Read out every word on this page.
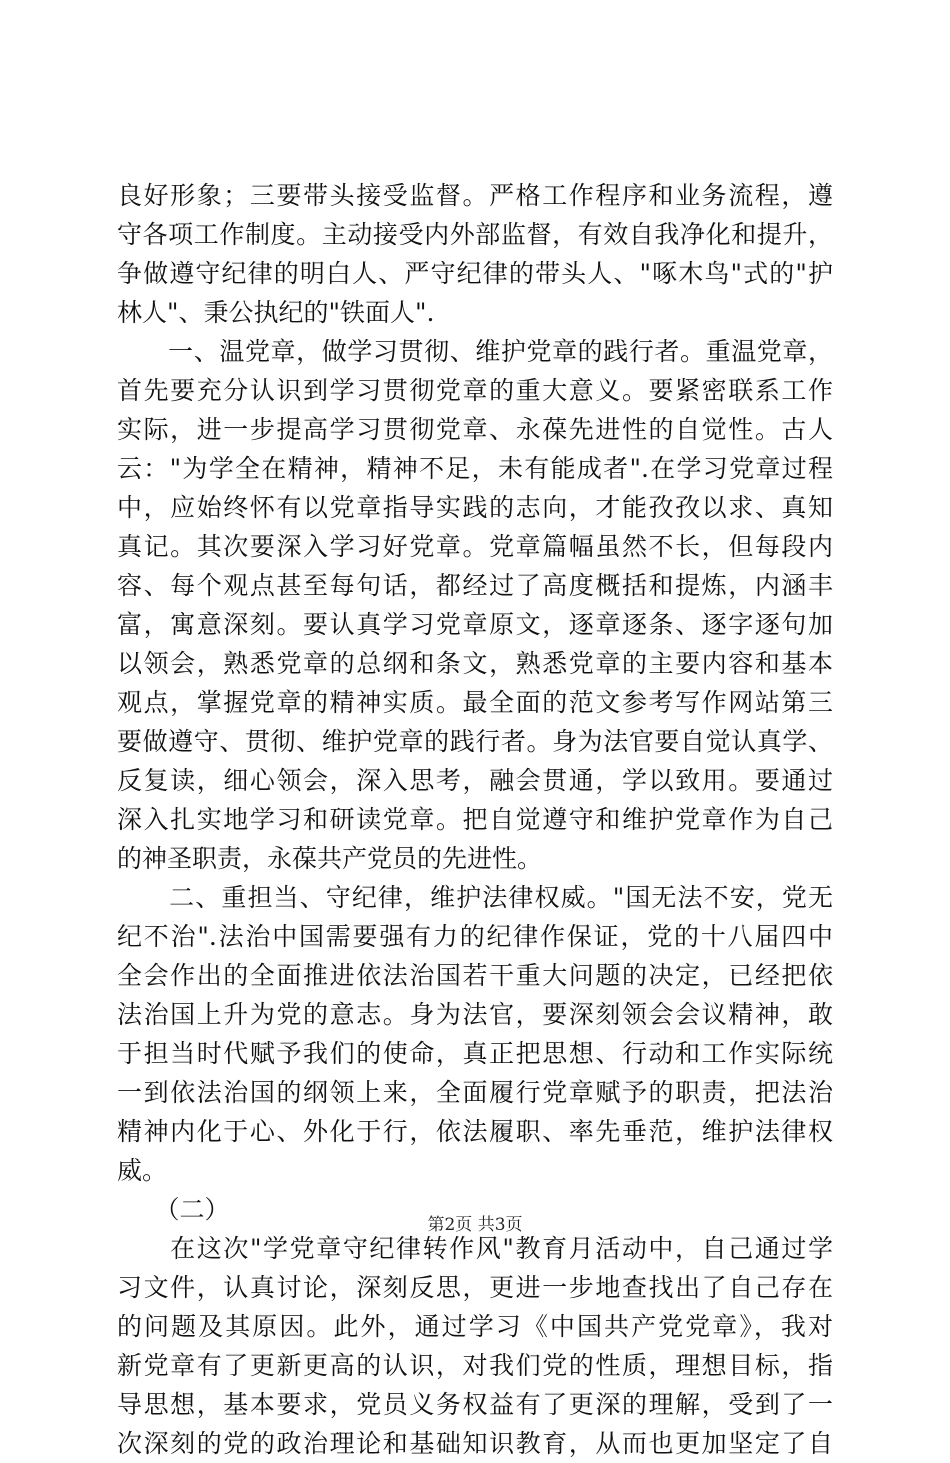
良好形象；三要带头接受监督。严格工作程序和业务流程，遵
守各项工作制度。主动接受内外部监督，有效自我净化和提升，
争做遵守纪律的明白人、严守纪律的带头人、"啄木鸟"式的"护
林人"、秉公执纪的"铁面人".
　　一、温党章，做学习贯彻、维护党章的践行者。重温党章，
首先要充分认识到学习贯彻党章的重大意义。要紧密联系工作
实际，进一步提高学习贯彻党章、永葆先进性的自觉性。古人
云："为学全在精神，精神不足，未有能成者".在学习党章过程
中，应始终怀有以党章指导实践的志向，才能孜孜以求、真知
真记。其次要深入学习好党章。党章篇幅虽然不长，但每段内
容、每个观点甚至每句话，都经过了高度概括和提炼，内涵丰
富，寓意深刻。要认真学习党章原文，逐章逐条、逐字逐句加
以领会，熟悉党章的总纲和条文，熟悉党章的主要内容和基本
观点，掌握党章的精神实质。最全面的范文参考写作网站第三
要做遵守、贯彻、维护党章的践行者。身为法官要自觉认真学、
反复读，细心领会，深入思考，融会贯通，学以致用。要通过
深入扎实地学习和研读党章。把自觉遵守和维护党章作为自己
的神圣职责，永葆共产党员的先进性。
　　二、重担当、守纪律，维护法律权威。"国无法不安，党无
纪不治".法治中国需要强有力的纪律作保证，党的十八届四中
全会作出的全面推进依法治国若干重大问题的决定，已经把依
法治国上升为党的意志。身为法官，要深刻领会会议精神，敢
于担当时代赋予我们的使命，真正把思想、行动和工作实际统
一到依法治国的纲领上来，全面履行党章赋予的职责，把法治
精神内化于心、外化于行，依法履职、率先垂范，维护法律权
威。
　　（二）
　　在这次"学党章守纪律转作风"教育月活动中，自己通过学
习文件，认真讨论，深刻反思，更进一步地查找出了自己存在
的问题及其原因。此外，通过学习《中国共产党党章》，我对
新党章有了更新更高的认识，对我们党的性质，理想目标，指
导思想，基本要求，党员义务权益有了更深的理解，受到了一
次深刻的党的政治理论和基础知识教育，从而也更加坚定了自
第2页 共3页
